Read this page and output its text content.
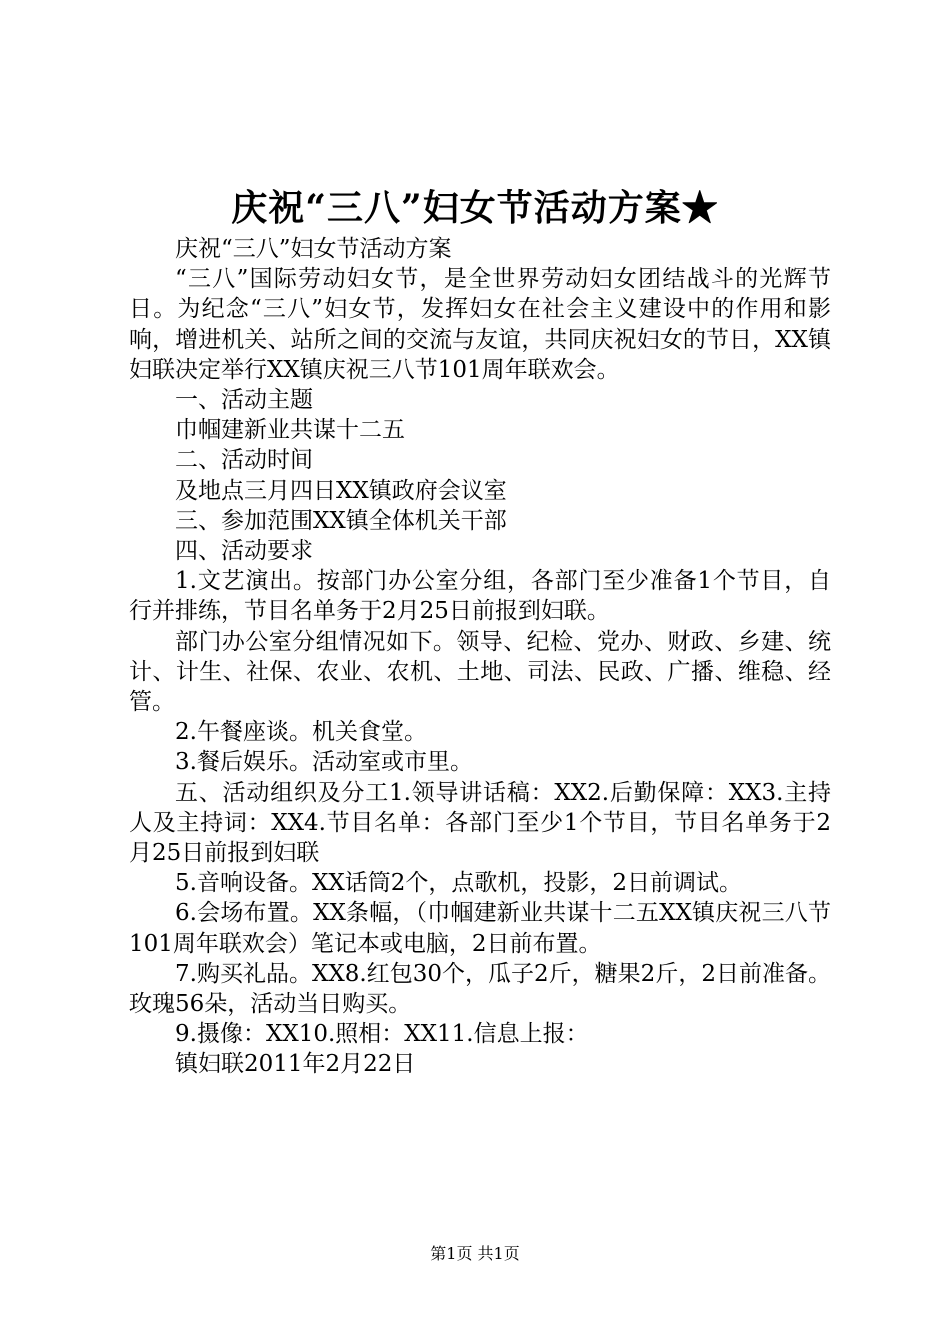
庆祝“三八”妇女节活动方案★

庆祝“三八”妇女节活动方案

“三八”国际劳动妇女节，是全世界劳动妇女团结战斗的光辉节日。为纪念“三八”妇女节，发挥妇女在社会主义建设中的作用和影响，增进机关、站所之间的交流与友谊，共同庆祝妇女的节日，XX镇妇联决定举行XX镇庆祝三八节101周年联欢会。

一、活动主题

巾帼建新业共谋十二五

二、活动时间

及地点三月四日XX镇政府会议室

三、参加范围XX镇全体机关干部

四、活动要求

1.文艺演出。按部门办公室分组，各部门至少准备1个节目，自行并排练，节目名单务于2月25日前报到妇联。

部门办公室分组情况如下。领导、纪检、党办、财政、乡建、统计、计生、社保、农业、农机、土地、司法、民政、广播、维稳、经管。

2.午餐座谈。机关食堂。

3.餐后娱乐。活动室或市里。

五、活动组织及分工1.领导讲话稿：XX2.后勤保障：XX3.主持人及主持词：XX4.节目名单：各部门至少1个节目，节目名单务于2月25日前报到妇联

5.音响设备。XX话筒2个，点歌机，投影，2日前调试。

6.会场布置。XX条幅，（巾帼建新业共谋十二五XX镇庆祝三八节101周年联欢会）笔记本或电脑，2日前布置。

7.购买礼品。XX8.红包30个，瓜子2斤，糖果2斤，2日前准备。玫瑰56朵，活动当日购买。

9.摄像：XX10.照相：XX11.信息上报：

镇妇联2011年2月22日

第1页 共1页
